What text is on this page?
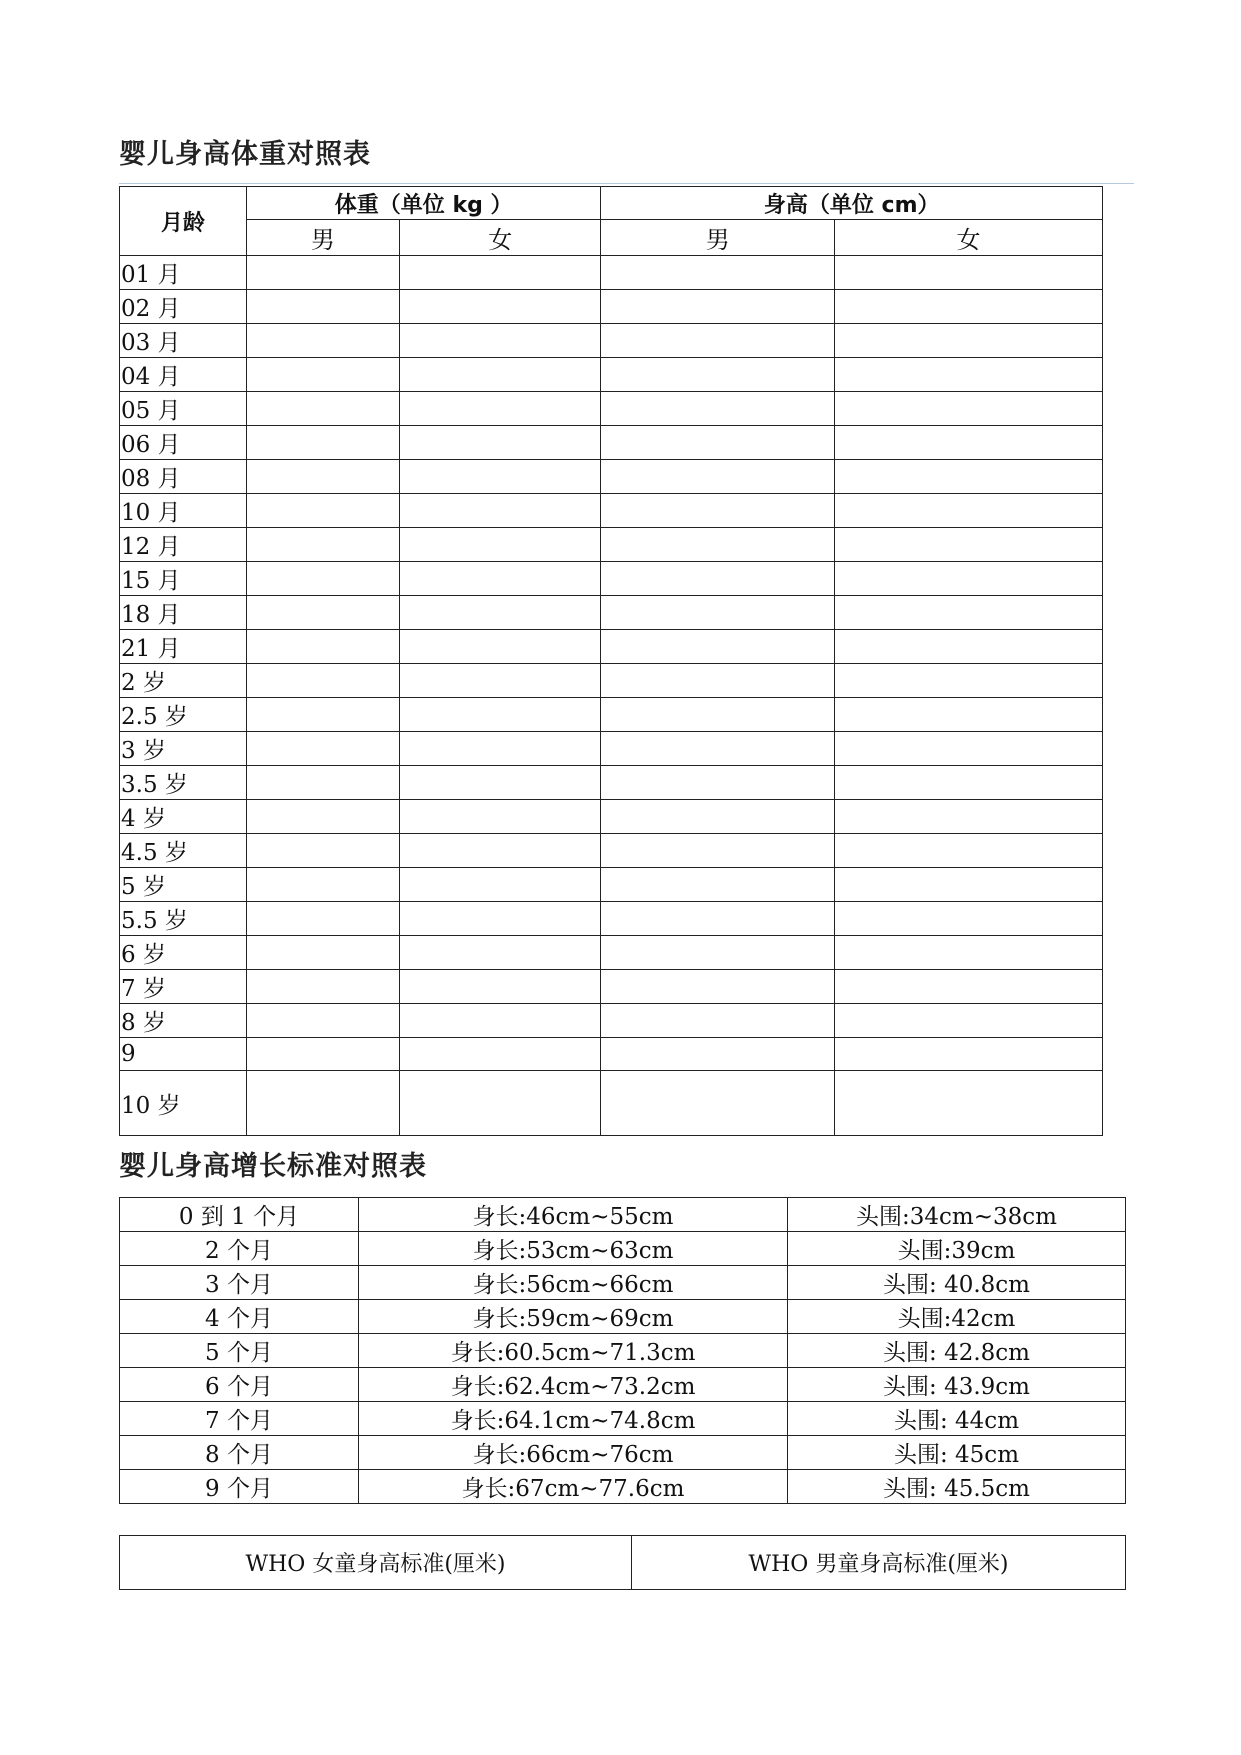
婴儿身高体重对照表
月龄	体重（单位 kg ）		身高（单位 cm）	
	男	女	男	女
01 月				
02 月				
03 月				
04 月				
05 月				
06 月				
08 月				
10 月				
12 月				
15 月				
18 月				
21 月				
2 岁				
2.5 岁				
3 岁				
3.5 岁				
4 岁				
4.5 岁				
5 岁				
5.5 岁				
6 岁				
7 岁				
8 岁				
9				
10 岁				
婴儿身高增长标准对照表
0 到 1 个月	身长:46cm~55cm	头围:34cm~38cm
2 个月	身长:53cm~63cm	头围:39cm
3 个月	身长:56cm~66cm	头围: 40.8cm
4 个月	身长:59cm~69cm	头围:42cm
5 个月	身长:60.5cm~71.3cm	头围: 42.8cm
6 个月	身长:62.4cm~73.2cm	头围: 43.9cm
7 个月	身长:64.1cm~74.8cm	头围: 44cm
8 个月	身长:66cm~76cm	头围: 45cm
9 个月	身长:67cm~77.6cm	头围: 45.5cm
WHO 女童身高标准(厘米)	WHO 男童身高标准(厘米)
